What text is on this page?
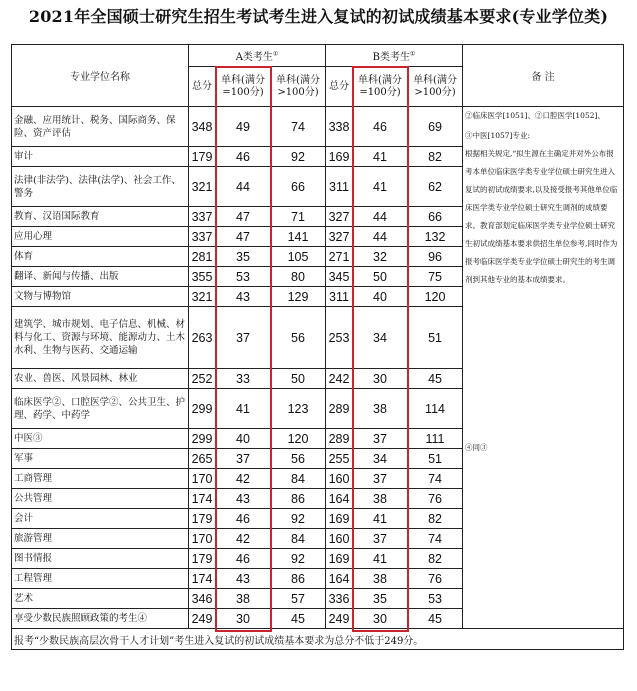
2021年全国硕士研究生招生考试考生进入复试的初试成绩基本要求(专业学位类)
专业学位名称	A类考生①			B类考生①			备 注
	总分	单科(满分=100分)	单科(满分>100分)	总分	单科(满分=100分)	单科(满分>100分)	
金融、应用统计、税务、国际商务、保险、资产评估	348	49	74	338	46	69	②临床医学[1051]、②口腔医学[1052]、

③中医[1057]专业:

根据相关规定,“拟生源在主确定并对外公布报考本单位临床医学类专业学位硕士研究生进入复试的初试成绩要求,以及接受报考其他单位临床医学类专业学位硕士研究生调剂的成绩要求。教育部划定临床医学类专业学位硕士研究生初试成绩基本要求供招生单位参考,同时作为报考临床医学类专业学位硕士研究生的考生调剂到其他专业的基本成绩要求。

④同③

审计	179	46	92	169	41	82	
法律(非法学)、法律(法学)、社会工作、警务	321	44	66	311	41	62	
教育、汉语国际教育	337	47	71	327	44	66	
应用心理	337	47	141	327	44	132	
体育	281	35	105	271	32	96	
翻译、新闻与传播、出版	355	53	80	345	50	75	
文物与博物馆	321	43	129	311	40	120	
建筑学、城市规划、电子信息、机械、材料与化工、资源与环境、能源动力、土木水利、生物与医药、交通运输	263	37	56	253	34	51	
农业、兽医、风景园林、林业	252	33	50	242	30	45	
临床医学②、口腔医学②、公共卫生、护理、药学、中药学	299	41	123	289	38	114	
中医③	299	40	120	289	37	111	
军事	265	37	56	255	34	51	
工商管理	170	42	84	160	37	74	
公共管理	174	43	86	164	38	76	
会计	179	46	92	169	41	82	
旅游管理	170	42	84	160	37	74	
图书情报	179	46	92	169	41	82	
工程管理	174	43	86	164	38	76	
艺术	346	38	57	336	35	53	
享受少数民族照顾政策的考生④	249	30	45	249	30	45	
报考“少数民族高层次骨干人才计划”考生进入复试的初试成绩基本要求为总分不低于249分。							
